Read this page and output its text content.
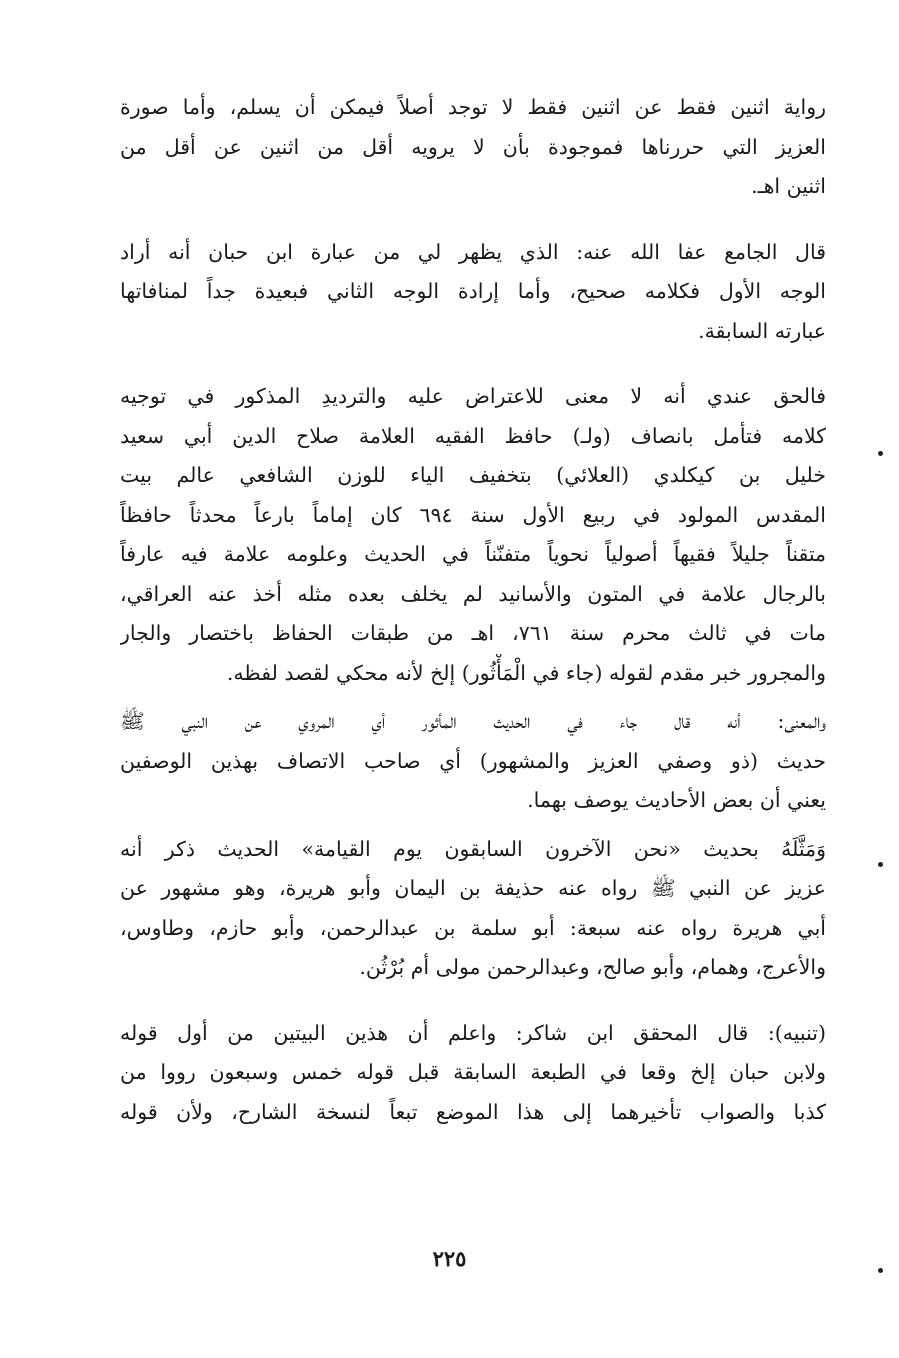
رواية اثنين فقط عن اثنين فقط لا توجد أصلاً فيمكن أن يسلم، وأما صورة
العزيز التي حررناها فموجودة بأن لا يرويه أقل من اثنين عن أقل من
اثنين اهـ.
قال الجامع عفا الله عنه: الذي يظهر لي من عبارة ابن حبان أنه أراد
الوجه الأول فكلامه صحيح، وأما إرادة الوجه الثاني فبعيدة جداً لمنافاتها
عبارته السابقة.
فالحق عندي أنه لا معنى للاعتراض عليه والترديدِ المذكور في توجيه
كلامه فتأمل بانصاف (ولـ) حافظ الفقيه العلامة صلاح الدين أبي سعيد
خليل بن كيكلدي (العلائي) بتخفيف الياء للوزن الشافعي عالم بيت
المقدس المولود في ربيع الأول سنة ٦٩٤ كان إماماً بارعاً محدثاً حافظاً
متقناً جليلاً فقيهاً أصولياً نحوياً متفنّناً في الحديث وعلومه علامة فيه عارفاً
بالرجال علامة في المتون والأسانيد لم يخلف بعده مثله أخذ عنه العراقي،
مات في ثالث محرم سنة ٧٦١، اهـ من طبقات الحفاظ باختصار والجار
والمجرور خبر مقدم لقوله (جاء في الْمَأْثُور) إلخ لأنه محكي لقصد لفظه.
والمعنى: أنه قال جاء في الحديث المأثور أي المروي عن النبي ﷺ
حديث (ذو وصفي العزيز والمشهور) أي صاحب الاتصاف بهذين الوصفين
يعني أن بعض الأحاديث يوصف بهما.
وَمَثَّلَهُ بحديث «نحن الآخرون السابقون يوم القيامة» الحديث ذكر أنه
عزيز عن النبي ﷺ رواه عنه حذيفة بن اليمان وأبو هريرة، وهو مشهور عن
أبي هريرة رواه عنه سبعة: أبو سلمة بن عبدالرحمن، وأبو حازم، وطاوس،
والأعرج، وهمام، وأبو صالح، وعبدالرحمن مولى أم بُرْثُن.
(تنبيه): قال المحقق ابن شاكر: واعلم أن هذين البيتين من أول قوله
ولابن حبان إلخ وقعا في الطبعة السابقة قبل قوله خمس وسبعون رووا من
كذبا والصواب تأخيرهما إلى هذا الموضع تبعاً لنسخة الشارح، ولأن قوله
٢٢٥
